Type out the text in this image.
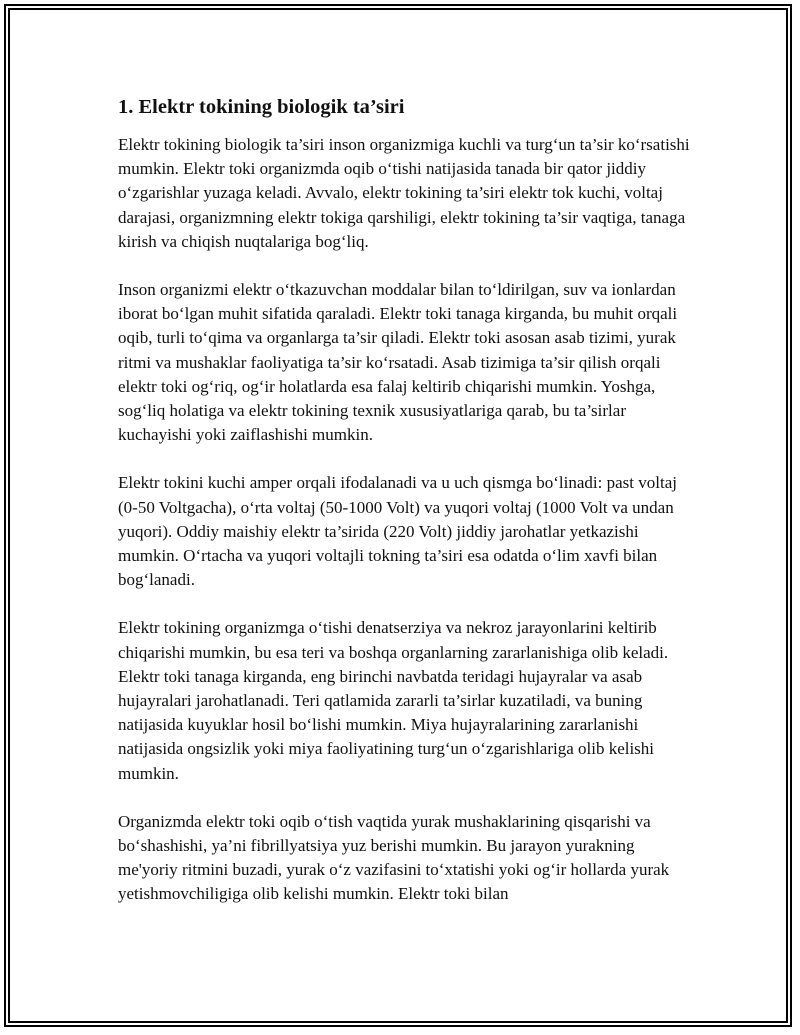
1. Elektr tokining biologik ta’siri

Elektr tokining biologik ta’siri inson organizmiga kuchli va turg‘un ta’sir ko‘rsatishi mumkin. Elektr toki organizmda oqib o‘tishi natijasida tanada bir qator jiddiy o‘zgarishlar yuzaga keladi. Avvalo, elektr tokining ta’siri elektr tok kuchi, voltaj darajasi, organizmning elektr tokiga qarshiligi, elektr tokining ta’sir vaqtiga, tanaga kirish va chiqish nuqtalariga bog‘liq.

Inson organizmi elektr o‘tkazuvchan moddalar bilan to‘ldirilgan, suv va ionlardan iborat bo‘lgan muhit sifatida qaraladi. Elektr toki tanaga kirganda, bu muhit orqali oqib, turli to‘qima va organlarga ta’sir qiladi. Elektr toki asosan asab tizimi, yurak ritmi va mushaklar faoliyatiga ta’sir ko‘rsatadi. Asab tizimiga ta’sir qilish orqali elektr toki og‘riq, og‘ir holatlarda esa falaj keltirib chiqarishi mumkin. Yoshga, sog‘liq holatiga va elektr tokining texnik xususiyatlariga qarab, bu ta’sirlar kuchayishi yoki zaiflashishi mumkin.

Elektr tokini kuchi amper orqali ifodalanadi va u uch qismga bo‘linadi: past voltaj (0-50 Voltgacha), o‘rta voltaj (50-1000 Volt) va yuqori voltaj (1000 Volt va undan yuqori). Oddiy maishiy elektr ta’sirida (220 Volt) jiddiy jarohatlar yetkazishi mumkin. O‘rtacha va yuqori voltajli tokning ta’siri esa odatda o‘lim xavfi bilan bog‘lanadi.

Elektr tokining organizmga o‘tishi denatserziya va nekroz jarayonlarini keltirib chiqarishi mumkin, bu esa teri va boshqa organlarning zararlanishiga olib keladi. Elektr toki tanaga kirganda, eng birinchi navbatda teridagi hujayralar va asab hujayralari jarohatlanadi. Teri qatlamida zararli ta’sirlar kuzatiladi, va buning natijasida kuyuklar hosil bo‘lishi mumkin. Miya hujayralarining zararlanishi natijasida ongsizlik yoki miya faoliyatining turg‘un o‘zgarishlariga olib kelishi mumkin.

Organizmda elektr toki oqib o‘tish vaqtida yurak mushaklarining qisqarishi va bo‘shashishi, ya’ni fibrillyatsiya yuz berishi mumkin. Bu jarayon yurakning me'yoriy ritmini buzadi, yurak o‘z vazifasini to‘xtatishi yoki og‘ir hollarda yurak yetishmovchiligiga olib kelishi mumkin. Elektr toki bilan
